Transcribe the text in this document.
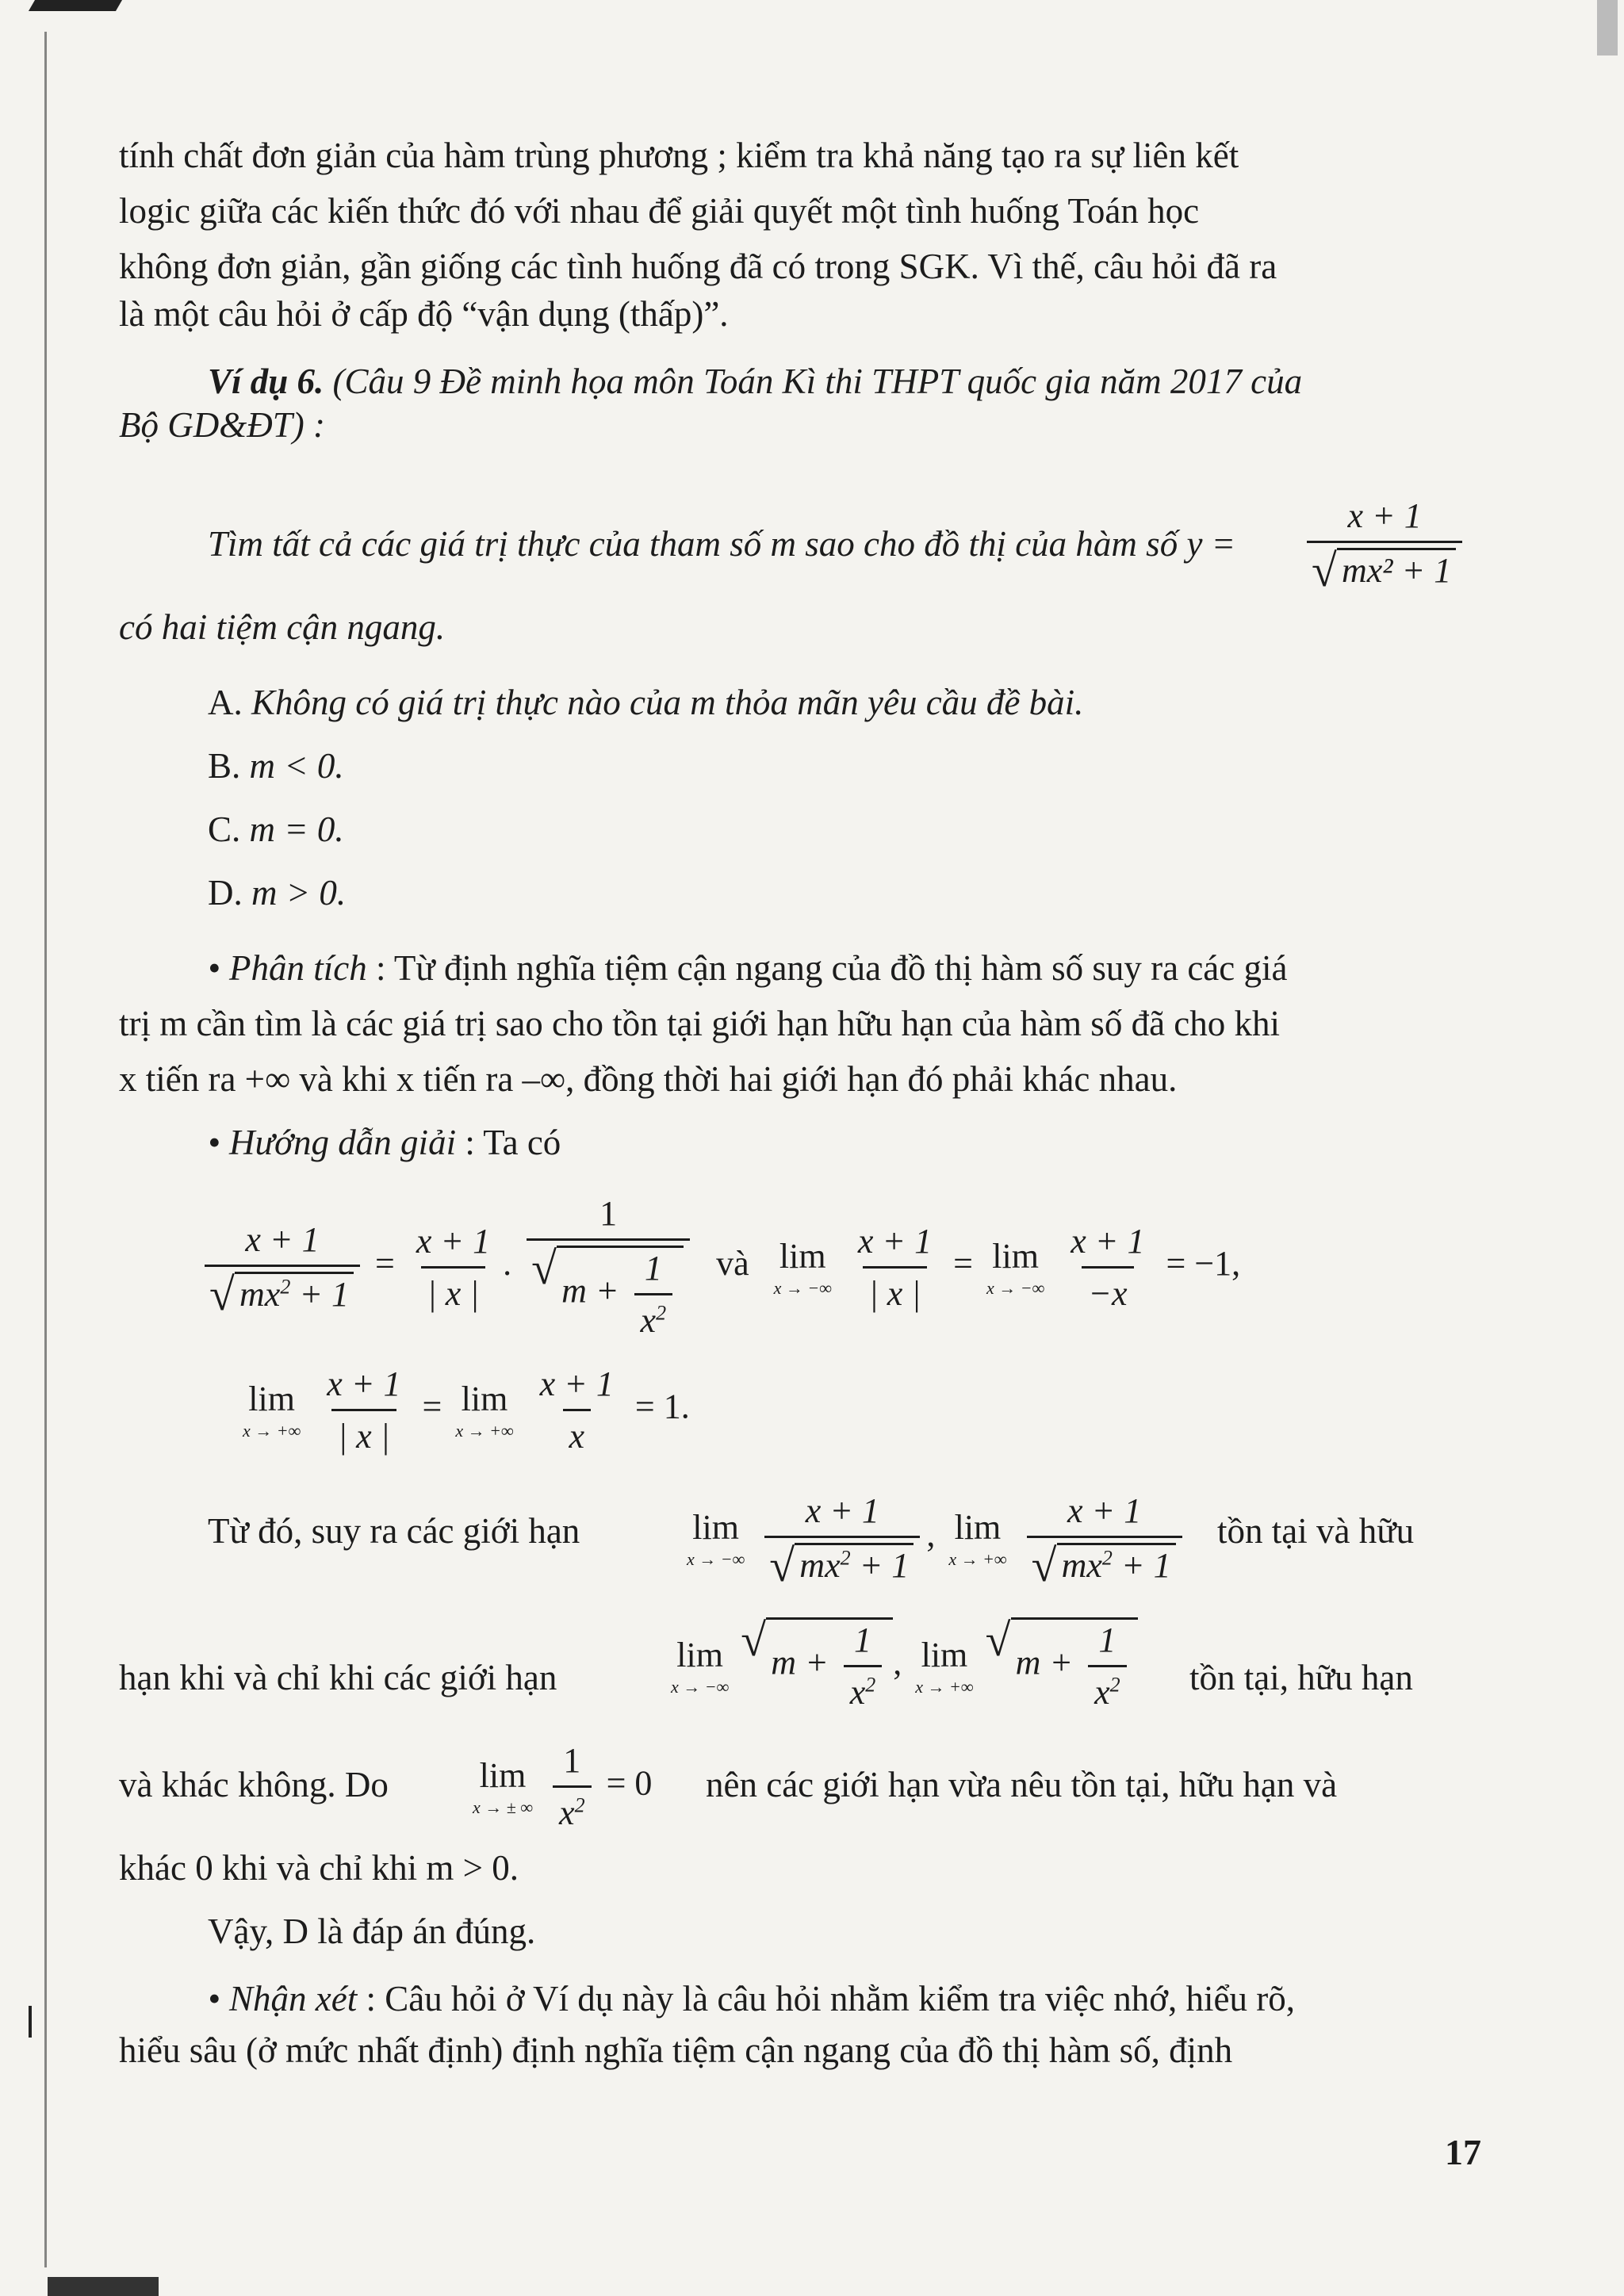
tính chất đơn giản của hàm trùng phương ; kiểm tra khả năng tạo ra sự liên kết
logic giữa các kiến thức đó với nhau để giải quyết một tình huống Toán học
không đơn giản, gần giống các tình huống đã có trong SGK. Vì thế, câu hỏi đã ra
là một câu hỏi ở cấp độ “vận dụng (thấp)”.
Ví dụ 6. (Câu 9 Đề minh họa môn Toán Kì thi THPT quốc gia năm 2017 của
Bộ GD&ĐT) :
Tìm tất cả các giá trị thực của tham số m sao cho đồ thị của hàm số y = x + 1
√ mx² + 1
có hai tiệm cận ngang.
A. Không có giá trị thực nào của m thỏa mãn yêu cầu đề bài.
B. m < 0.
C. m = 0.
D. m > 0.
• Phân tích : Từ định nghĩa tiệm cận ngang của đồ thị hàm số suy ra các giá
trị m cần tìm là các giá trị sao cho tồn tại giới hạn hữu hạn của hàm số đã cho khi
x tiến ra +∞ và khi x tiến ra –∞, đồng thời hai giới hạn đó phải khác nhau.
• Hướng dẫn giải : Ta có
x + 1
√ $mx^2 + 1 = \frac{x + 1}{| x |}$ . 1
√ $m + \frac{1}{x^2}$ và lim
x → −∞
$\frac{x + 1}{| x |} = \lim$
x → −∞
$\frac{x + 1}{-x} = -1$,
lim
x → +∞
$\frac{x + 1}{| x |} = \lim$
x → +∞
$\frac{x + 1}{x} = 1$.
Từ đó, suy ra các giới hạn	lim
x → −∞
x + 1
√ $mx^2 + 1$ , lim
x → +∞
x + 1
√ $mx^2 + 1$ tồn tại và hữu
hạn khi và chỉ khi các giới hạn
lim
x → −∞
√ $m + \frac{1}{x^2}$ , lim
x → +∞
√ $m + \frac{1}{x^2}$ tồn tại, hữu hạn
và khác không. Do	lim
x → ± ∞
$\frac{1}{x^2} = 0$ nên các giới hạn vừa nêu tồn tại, hữu hạn và
khác 0 khi và chỉ khi m > 0.
Vậy, D là đáp án đúng.
• Nhận xét : Câu hỏi ở Ví dụ này là câu hỏi nhằm kiểm tra việc nhớ, hiểu rõ,
hiểu sâu (ở mức nhất định) định nghĩa tiệm cận ngang của đồ thị hàm số, định
17
